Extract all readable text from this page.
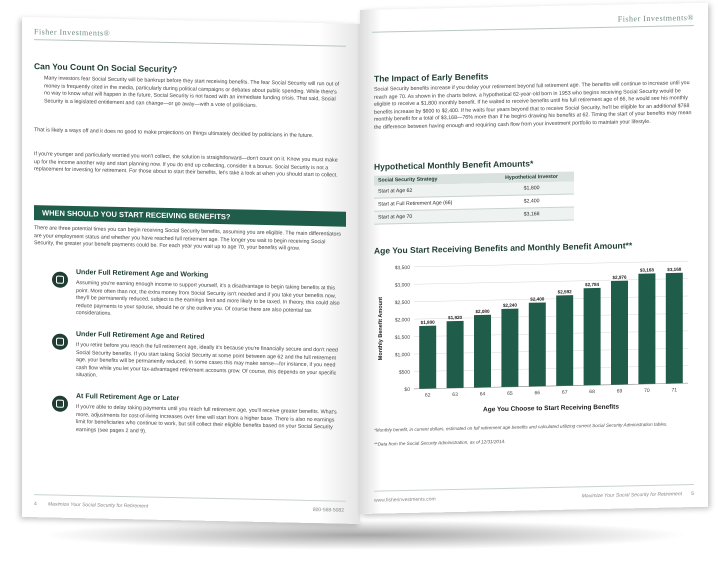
Fisher Investments®
Can You Count On Social Security?
Many investors fear Social Security will be bankrupt before they start receiving benefits. The fear Social Security will run out of money is frequently cited in the media, particularly during political campaigns or debates about public spending. While there's no way to know what will happen in the future, Social Security is not faced with an immediate funding crisis. That said, Social Security is a legislated entitlement and can change—or go away—with a vote of politicians.
That is likely a ways off and it does no good to make projections on things ultimately decided by politicians in the future.
If you're younger and particularly worried you won't collect, the solution is straightforward—don't count on it. Know you must make up for the income another way and start planning now. If you do end up collecting, consider it a bonus. Social Security is not a replacement for investing for retirement. For those about to start their benefits, let's take a look at when you should start to collect.
WHEN SHOULD YOU START RECEIVING BENEFITS?
There are three potential times you can begin receiving Social Security benefits, assuming you are eligible. The main differentiators are your employment status and whether you have reached full retirement age. The longer you wait to begin receiving Social Security, the greater your benefit payments could be. For each year you wait up to age 70, your benefits will grow.
Under Full Retirement Age and Working
Assuming you're earning enough income to support yourself, it's a disadvantage to begin taking benefits at this point. More often than not, the extra money from Social Security isn't needed and if you take your benefits now, they'll be permanently reduced, subject to the earnings limit and more likely to be taxed. In theory, this could also reduce payments to your spouse, should he or she outlive you. Of course there are also potential tax considerations.
Under Full Retirement Age and Retired
If you retire before you reach the full retirement age, ideally it's because you're financially secure and don't need Social Security benefits. If you start taking Social Security at some point between age 62 and the full retirement age, your benefits will be permanently reduced. In some cases this may make sense—for instance, if you need cash flow while you let your tax-advantaged retirement accounts grow. Of course, this depends on your specific situation.
At Full Retirement Age or Later
If you're able to delay taking payments until you reach full retirement age, you'll receive greater benefits. What's more, adjustments for cost-of-living increases over time will start from a higher base. There is also no earnings limit for beneficiaries who continue to work, but still collect their eligible benefits based on your Social Security earnings (see pages 2 and 9).
4 Maximize Your Social Security for Retirement
800-568-5082
Fisher Investments®
The Impact of Early Benefits
Social Security benefits increase if you delay your retirement beyond full retirement age. The benefits will continue to increase until you reach age 70. As shown in the charts below, a hypothetical 62-year-old born in 1953 who begins receiving Social Security would be eligible to receive a $1,800 monthly benefit. If he waited to receive benefits until his full retirement age of 66, he would see his monthly benefits increase by $600 to $2,400. If he waits four years beyond that to receive Social Security, he'll be eligible for an additional $768 monthly benefit for a total of $3,168—76% more than if he begins drawing his benefits at 62. Timing the start of your benefits may mean the difference between having enough and requiring cash flow from your investment portfolio to maintain your lifestyle.
Hypothetical Monthly Benefit Amounts*
Social Security Strategy	Hypothetical Investor
Start at Age 62	$1,800
Start at Full Retirement Age (66)	$2,400
Start at Age 70	$3,168
Age You Start Receiving Benefits and Monthly Benefit Amount**
$0
$500
$1,000
$1,500
$2,000
$2,500
$3,000
$3,500
$1,800
62
$1,920
63
$2,080
64
$2,240
65
$2,400
66
$2,592
67
$2,784
68
$2,976
69
$3,168
70
$3,168
71
Age You Choose to Start Receiving Benefits
Monthly Benefit Amount
*Monthly benefit, in current dollars, estimated on full retirement age benefits and calculated utilizing current Social Security Administration tables.
**Data from the Social Security Administration, as of 12/31/2014.
www.fisherinvestments.com
Maximize Your Social Security for Retirement 5
